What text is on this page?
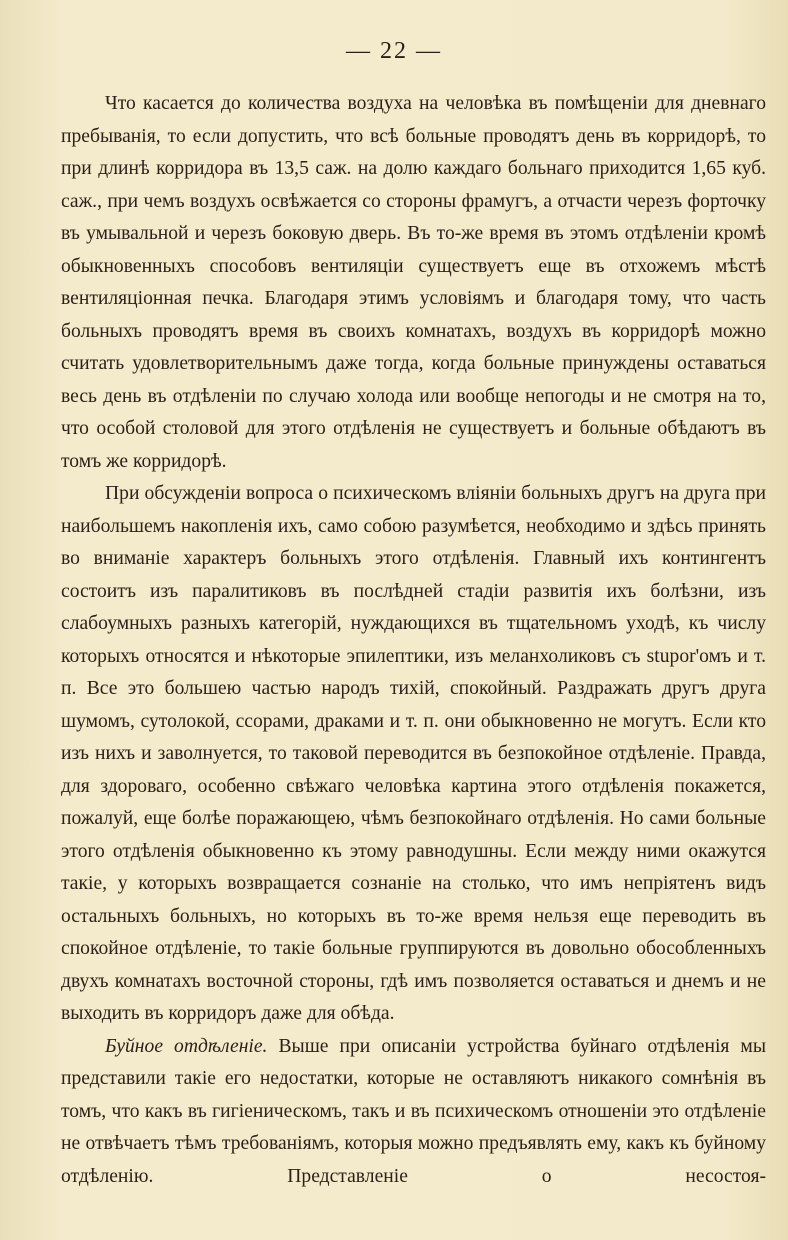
— 22 —

Что касается до количества воздуха на человѣка въ помѣщеніи для дневнаго пребыванія, то если допустить, что всѣ больные проводятъ день въ корридорѣ, то при длинѣ корридора въ 13,5 саж. на долю каждаго больнаго приходится 1,65 куб. саж., при чемъ воздухъ освѣжается со стороны фрамугъ, а отчасти черезъ форточку въ умывальной и черезъ боковую дверь. Въ то-же время въ этомъ отдѣленіи кромѣ обыкновенныхъ способовъ вентиляціи существуетъ еще въ отхожемъ мѣстѣ вентиляціонная печка. Благодаря этимъ условіямъ и благодаря тому, что часть больныхъ проводятъ время въ своихъ комнатахъ, воздухъ въ корридорѣ можно считать удовлетворительнымъ даже тогда, когда больные принуждены оставаться весь день въ отдѣленіи по случаю холода или вообще непогоды и не смотря на то, что особой столовой для этого отдѣленія не существуетъ и больные обѣдаютъ въ томъ же корридорѣ.

При обсужденіи вопроса о психическомъ вліяніи больныхъ другъ на друга при наибольшемъ накопленія ихъ, само собою разумѣется, необходимо и здѣсь принять во вниманіе характеръ больныхъ этого отдѣленія. Главный ихъ контингентъ состоитъ изъ паралитиковъ въ послѣдней стадіи развитія ихъ болѣзни, изъ слабоумныхъ разныхъ категорій, нуждающихся въ тщательномъ уходѣ, къ числу которыхъ относятся и нѣкоторые эпилептики, изъ меланхоликовъ съ stupor'омъ и т. п. Все это большею частью народъ тихій, спокойный. Раздражать другъ друга шумомъ, сутолокой, ссорами, драками и т. п. они обыкновенно не могутъ. Если кто изъ нихъ и заволнуется, то таковой переводится въ безпокойное отдѣленіе. Правда, для здороваго, особенно свѣжаго человѣка картина этого отдѣленія покажется, пожалуй, еще болѣе поражающею, чѣмъ безпокойнаго отдѣленія. Но сами больные этого отдѣленія обыкновенно къ этому равнодушны. Если между ними окажутся такіе, у которыхъ возвращается сознаніе на столько, что имъ непріятенъ видъ остальныхъ больныхъ, но которыхъ въ то-же время нельзя еще переводить въ спокойное отдѣленіе, то такіе больные группируются въ довольно обособленныхъ двухъ комнатахъ восточной стороны, гдѣ имъ позволяется оставаться и днемъ и не выходить въ корридоръ даже для обѣда.

Буйное отдѣленіе. Выше при описаніи устройства буйнаго отдѣленія мы представили такіе его недостатки, которые не оставляютъ никакого сомнѣнія въ томъ, что какъ въ гигіеническомъ, такъ и въ психическомъ отношеніи это отдѣленіе не отвѣчаетъ тѣмъ требованіямъ, которыя можно предъявлять ему, какъ къ буйному отдѣленію. Представленіе о несостоя-
